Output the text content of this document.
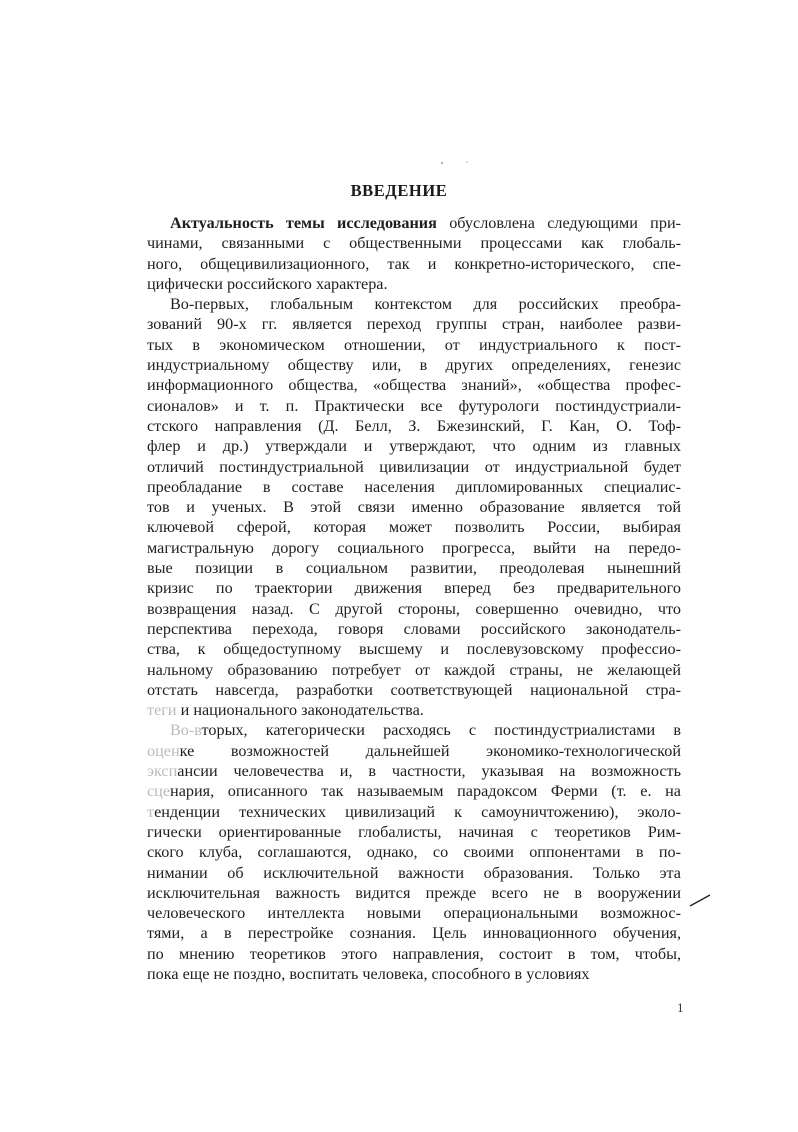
ВВЕДЕНИЕ
Актуальность темы исследования обусловлена следующими при-
чинами, связанными с общественными процессами как глобаль-
ного, общецивилизационного, так и конкретно-исторического, спе-
цифически российского характера.
Во-первых, глобальным контекстом для российских преобра-
зований 90-х гг. является переход группы стран, наиболее разви-
тых в экономическом отношении, от индустриального к пост-
индустриальному обществу или, в других определениях, генезис
информационного общества, «общества знаний», «общества профес-
сионалов» и т. п. Практически все футурологи постиндустриали-
стского направления (Д. Белл, З. Бжезинский, Г. Кан, О. Тоф-
флер и др.) утверждали и утверждают, что одним из главных
отличий постиндустриальной цивилизации от индустриальной будет
преобладание в составе населения дипломированных специалис-
тов и ученых. В этой связи именно образование является той
ключевой сферой, которая может позволить России, выбирая
магистральную дорогу социального прогресса, выйти на передо-
вые позиции в социальном развитии, преодолевая нынешний
кризис по траектории движения вперед без предварительного
возвращения назад. С другой стороны, совершенно очевидно, что
перспектива перехода, говоря словами российского законодатель-
ства, к общедоступному высшему и послевузовскому профессио-
нальному образованию потребует от каждой страны, не желающей
отстать навсегда, разработки соответствующей национальной стра-
теги и национального законодательства.
Во-вторых, категорически расходясь с постиндустриалистами в
оценке возможностей дальнейшей экономико-технологической
экспансии человечества и, в частности, указывая на возможность
сценария, описанного так называемым парадоксом Ферми (т. е. на
тенденции технических цивилизаций к самоуничтожению), эколо-
гически ориентированные глобалисты, начиная с теоретиков Рим-
ского клуба, соглашаются, однако, со своими оппонентами в по-
нимании об исключительной важности образования. Только эта
исключительная важность видится прежде всего не в вооружении
человеческого интеллекта новыми операциональными возможнос-
тями, а в перестройке сознания. Цель инновационного обучения,
по мнению теоретиков этого направления, состоит в том, чтобы,
пока еще не поздно, воспитать человека, способного в условиях
1
